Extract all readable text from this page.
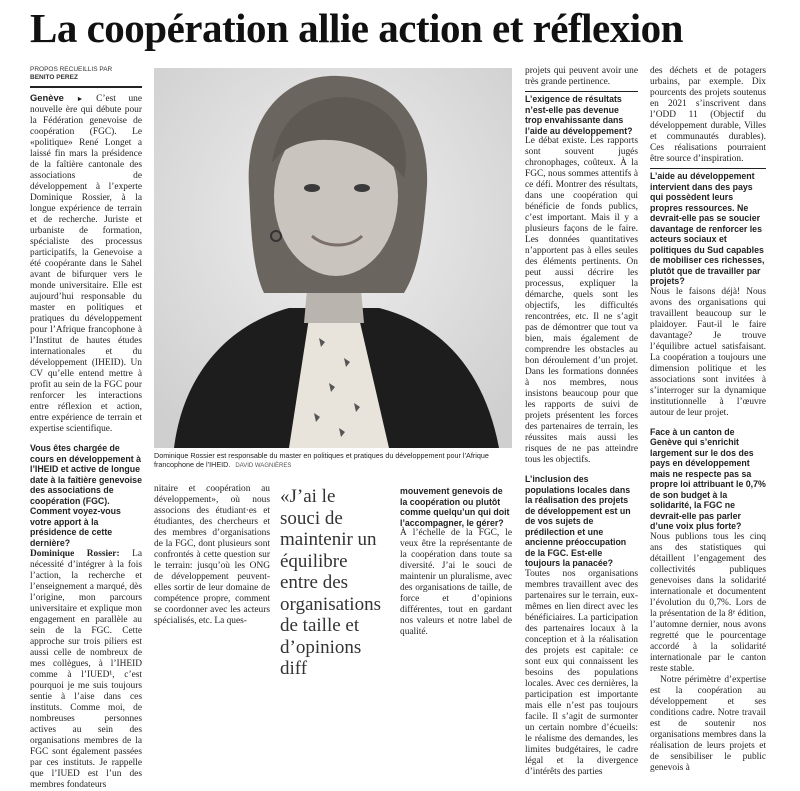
La coopération allie action et réflexion
PROPOS RECUEILLIS PAR
BENITO PEREZ

Genève ► C’est une nouvelle ère qui débute pour la Fédération genevoise de coopération (FGC). Le «politique» René Longet a laissé fin mars la présidence de la faîtière cantonale des associations de développement à l’experte Dominique Rossier, à la longue expérience de terrain et de recherche. Juriste et urbaniste de formation, spécialiste des processus participatifs, la Genevoise a été coopérante dans le Sahel avant de bifurquer vers le monde universitaire. Elle est aujourd’hui responsable du master en politiques et pratiques du développement pour l’Afrique francophone à l’Institut de hautes études internationales et du développement (IHEID). Un CV qu’elle entend mettre à profit au sein de la FGC pour renforcer les interactions entre réflexion et action, entre expérience de terrain et expertise scientifique.

Vous êtes chargée de cours en développement à l’IHEID et active de longue date à la faîtière genevoise des associations de coopération (FGC). Comment voyez-vous votre apport à la présidence de cette dernière?

Dominique Rossier: La nécessité d’intégrer à la fois l’action, la recherche et l’enseignement a marqué, dès l’origine, mon parcours universitaire et explique mon engagement en parallèle au sein de la FGC. Cette approche sur trois piliers est aussi celle de nombreux de mes collègues, à l’IHEID comme à l’IUED¹, c’est pourquoi je me suis toujours sentie à l’aise dans ces instituts. Comme moi, de nombreuses personnes actives au sein des organisations membres de la FGC sont également passées par ces instituts. Je rappelle que l’IUED est l’un des membres fondateurs

Dominique Rossier est responsable du master en politiques et pratiques du développement pour l’Afrique francophone de l’IHEID. DAVID WAGNIÈRES

nitaire et coopération au développement», où nous associons des étudiant·es et étudiantes, des chercheurs et des membres d’organisations de la FGC, dont plusieurs sont confrontés à cette question sur le terrain: jusqu’où les ONG de développement peuvent-elles sortir de leur domaine de compétence propre, comment se coordonner avec les acteurs spécialisés, etc. La ques-

«J’ai le souci de maintenir un équilibre entre des organisations de taille et d’opinions diff
mouvement genevois de la coopération ou plutôt comme quelqu’un qui doit l’accompagner, le gérer?

À l’échelle de la FGC, le veux être la représentante de la coopération dans toute sa diversité. J’ai le souci de maintenir un pluralisme, avec des organisations de taille, de force et d’opinions différentes, tout en gardant nos valeurs et notre label de qualité.

projets qui peuvent avoir une très grande pertinence.

L’exigence de résultats n’est-elle pas devenue trop envahissante dans l’aide au développement?

Le débat existe. Les rapports sont souvent jugés chronophages, coûteux. À la FGC, nous sommes attentifs à ce défi. Montrer des résultats, dans une coopération qui bénéficie de fonds publics, c’est important. Mais il y a plusieurs façons de le faire. Les données quantitatives n’apportent pas à elles seules des éléments pertinents. On peut aussi décrire les processus, expliquer la démarche, quels sont les objectifs, les difficultés rencontrées, etc. Il ne s’agit pas de démontrer que tout va bien, mais également de comprendre les obstacles au bon déroulement d’un projet. Dans les formations données à nos membres, nous insistons beaucoup pour que les rapports de suivi de projets présentent les forces des partenaires de terrain, les réussites mais aussi les risques de ne pas atteindre tous les objectifs.

L’inclusion des populations locales dans la réalisation des projets de développement est un de vos sujets de prédilection et une ancienne préoccupation de la FGC. Est-elle toujours la panacée?

Toutes nos organisations membres travaillent avec des partenaires sur le terrain, eux-mêmes en lien direct avec les bénéficiaires. La participation des partenaires locaux à la conception et à la réalisation des projets est capitale: ce sont eux qui connaissent les besoins des populations locales. Avec ces dernières, la participation est importante mais elle n’est pas toujours facile. Il s’agit de surmonter un certain nombre d’écueils: le réalisme des demandes, les limites budgétaires, le cadre légal et la divergence d’intérêts des parties

des déchets et de potagers urbains, par exemple. Dix pourcents des projets soutenus en 2021 s’inscrivent dans l’ODD 11 (Objectif du développement durable, Villes et communautés durables). Ces réalisations pourraient être source d’inspiration.

L’aide au développement intervient dans des pays qui possèdent leurs propres ressources. Ne devrait-elle pas se soucier davantage de renforcer les acteurs sociaux et politiques du Sud capables de mobiliser ces richesses, plutôt que de travailler par projets?

Nous le faisons déjà! Nous avons des organisations qui travaillent beaucoup sur le plaidoyer. Faut-il le faire davantage? Je trouve l’équilibre actuel satisfaisant. La coopération a toujours une dimension politique et les associations sont invitées à s’interroger sur la dynamique institutionnelle à l’œuvre autour de leur projet.

Face à un canton de Genève qui s’enrichit largement sur le dos des pays en développement mais ne respecte pas sa propre loi attribuant le 0,7% de son budget à la solidarité, la FGC ne devrait-elle pas parler d’une voix plus forte?

Nous publions tous les cinq ans des statistiques qui détaillent l’engagement des collectivités publiques genevoises dans la solidarité internationale et documentent l’évolution du 0,7%. Lors de la présentation de la 8ᵉ édition, l’automne dernier, nous avons regretté que le pourcentage accordé à la solidarité internationale par le canton reste stable.

Notre périmètre d’expertise est la coopération au développement et ses conditions cadre. Notre travail est de soutenir nos organisations membres dans la réalisation de leurs projets et de sensibiliser le public genevois à
